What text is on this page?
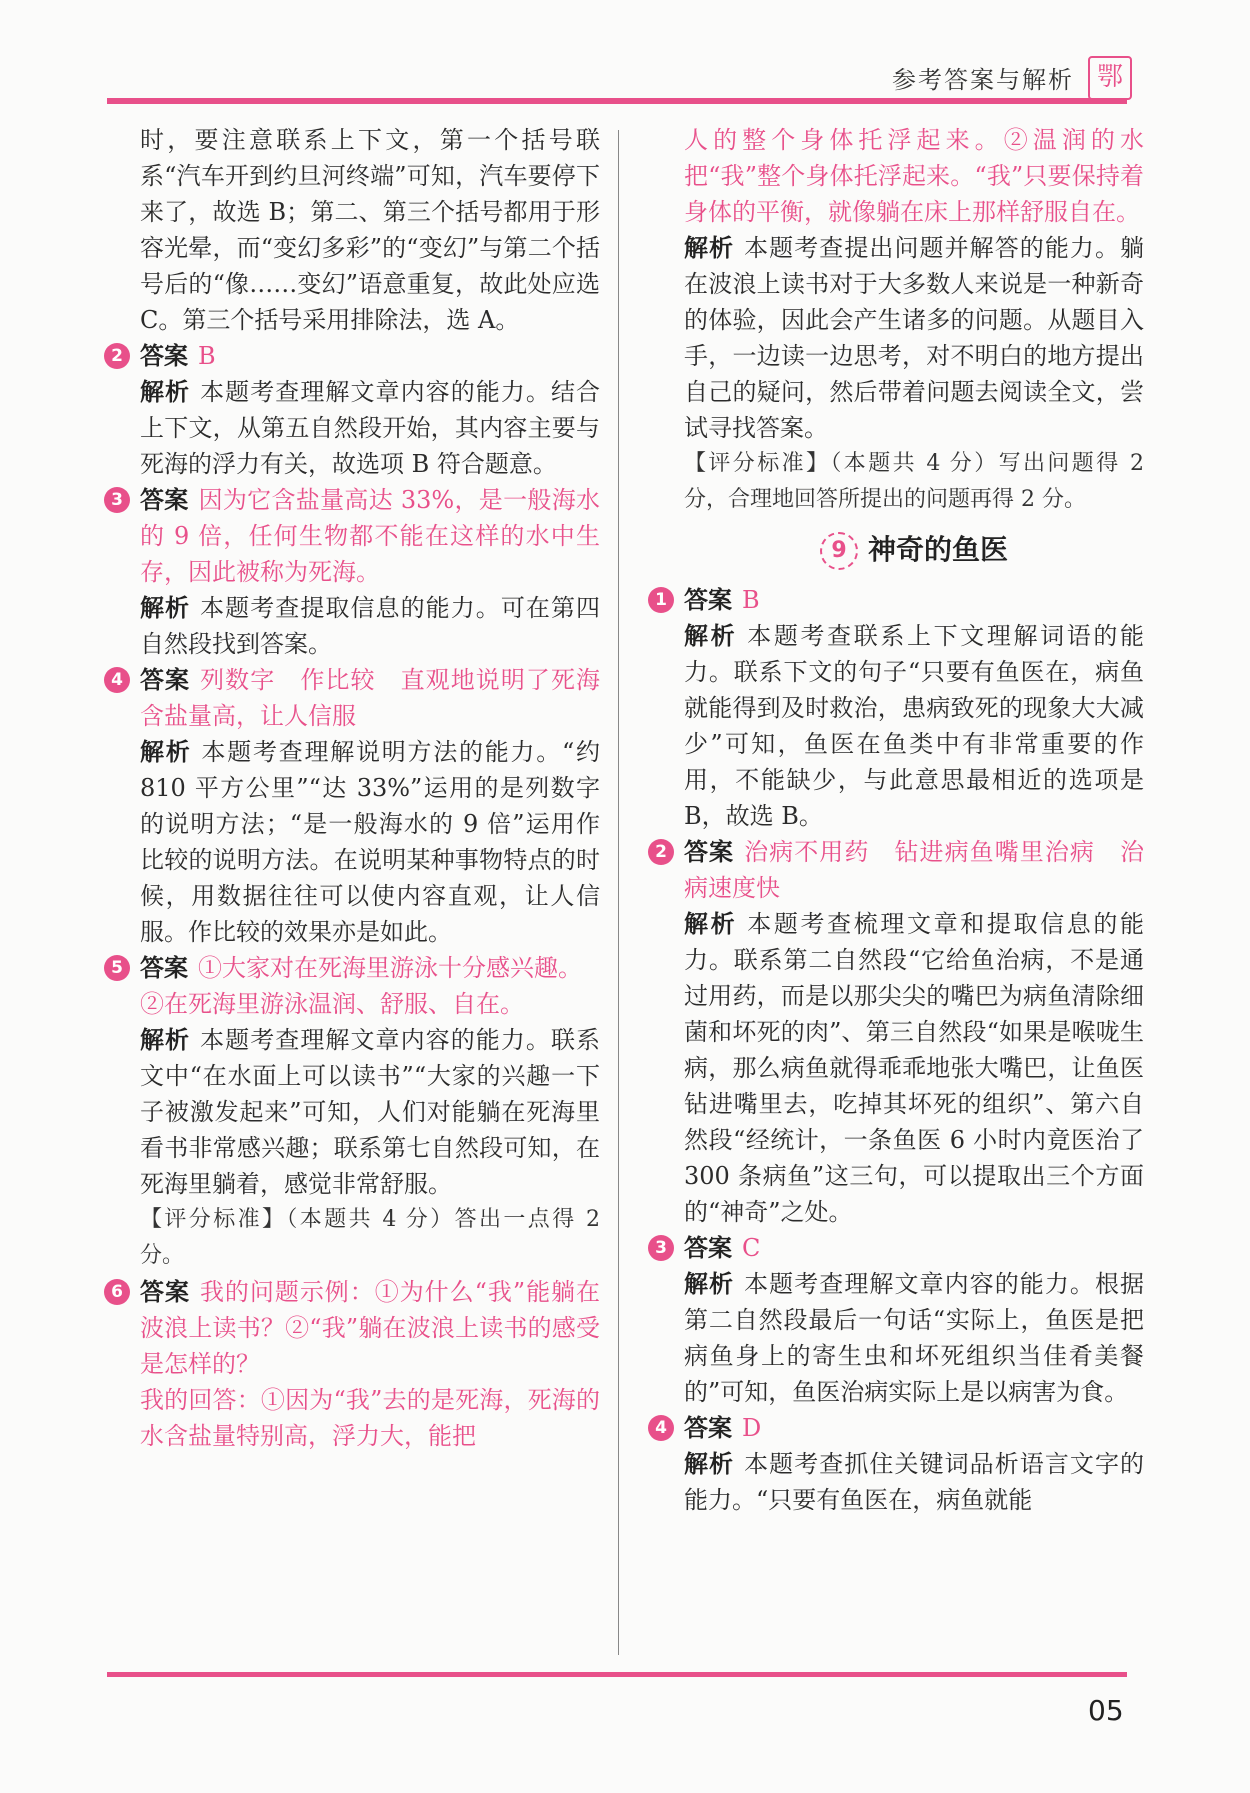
参考答案与解析 鄂

时，要注意联系上下文，第一个括号联系“汽车开到约旦河终端”可知，汽车要停下来了，故选 B；第二、第三个括号都用于形容光晕，而“变幻多彩”的“变幻”与第二个括号后的“像……变幻”语意重复，故此处应选 C。第三个括号采用排除法，选 A。

2 答案 B

解析 本题考查理解文章内容的能力。结合上下文，从第五自然段开始，其内容主要与死海的浮力有关，故选项 B 符合题意。

3 答案 因为它含盐量高达 33%，是一般海水的 9 倍，任何生物都不能在这样的水中生存，因此被称为死海。

解析 本题考查提取信息的能力。可在第四自然段找到答案。

4 答案 列数字　作比较　直观地说明了死海含盐量高，让人信服

解析 本题考查理解说明方法的能力。“约 810 平方公里”“达 33%”运用的是列数字的说明方法；“是一般海水的 9 倍”运用作比较的说明方法。在说明某种事物特点的时候，用数据往往可以使内容直观，让人信服。作比较的效果亦是如此。

5 答案 ①大家对在死海里游泳十分感兴趣。

②在死海里游泳温润、舒服、自在。

解析 本题考查理解文章内容的能力。联系文中“在水面上可以读书”“大家的兴趣一下子被激发起来”可知，人们对能躺在死海里看书非常感兴趣；联系第七自然段可知，在死海里躺着，感觉非常舒服。

【评分标准】（本题共 4 分）答出一点得 2 分。

6 答案 我的问题示例：①为什么“我”能躺在波浪上读书？②“我”躺在波浪上读书的感受是怎样的？

我的回答：①因为“我”去的是死海，死海的水含盐量特别高，浮力大，能把

人的整个身体托浮起来。②温润的水把“我”整个身体托浮起来。“我”只要保持着身体的平衡，就像躺在床上那样舒服自在。

解析 本题考查提出问题并解答的能力。躺在波浪上读书对于大多数人来说是一种新奇的体验，因此会产生诸多的问题。从题目入手，一边读一边思考，对不明白的地方提出自己的疑问，然后带着问题去阅读全文，尝试寻找答案。

【评分标准】（本题共 4 分）写出问题得 2 分，合理地回答所提出的问题再得 2 分。

9 神奇的鱼医
1 答案 B

解析 本题考查联系上下文理解词语的能力。联系下文的句子“只要有鱼医在，病鱼就能得到及时救治，患病致死的现象大大减少”可知，鱼医在鱼类中有非常重要的作用，不能缺少，与此意思最相近的选项是 B，故选 B。

2 答案 治病不用药　钻进病鱼嘴里治病　治病速度快

解析 本题考查梳理文章和提取信息的能力。联系第二自然段“它给鱼治病，不是通过用药，而是以那尖尖的嘴巴为病鱼清除细菌和坏死的肉”、第三自然段“如果是喉咙生病，那么病鱼就得乖乖地张大嘴巴，让鱼医钻进嘴里去，吃掉其坏死的组织”、第六自然段“经统计，一条鱼医 6 小时内竟医治了 300 条病鱼”这三句，可以提取出三个方面的“神奇”之处。

3 答案 C

解析 本题考查理解文章内容的能力。根据第二自然段最后一句话“实际上，鱼医是把病鱼身上的寄生虫和坏死组织当佳肴美餐的”可知，鱼医治病实际上是以病害为食。

4 答案 D

解析 本题考查抓住关键词品析语言文字的能力。“只要有鱼医在，病鱼就能

05
